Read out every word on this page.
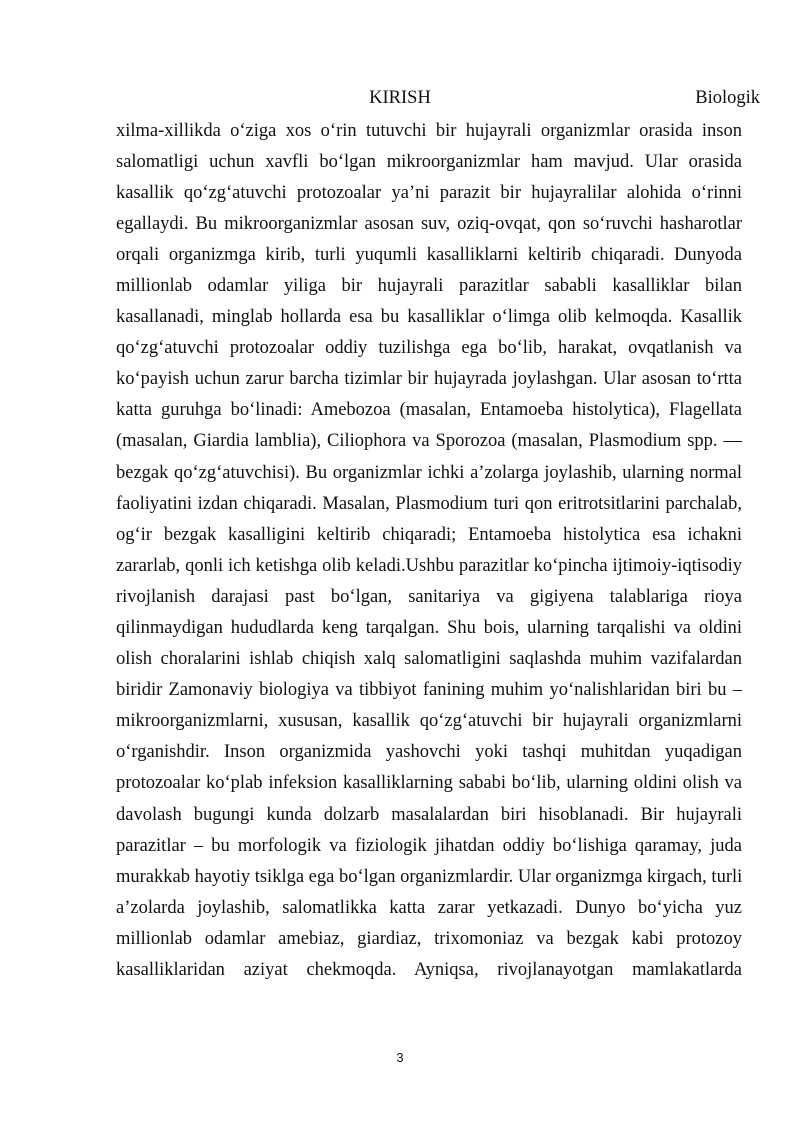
KIRISH	Biologik
xilma-xillikda o‘ziga xos o‘rin tutuvchi bir hujayrali organizmlar orasida inson
salomatligi uchun xavfli bo‘lgan mikroorganizmlar ham mavjud. Ular orasida
kasallik qo‘zg‘atuvchi protozoalar ya’ni parazit bir hujayralilar alohida o‘rinni
egallaydi. Bu mikroorganizmlar asosan suv, oziq-ovqat, qon so‘ruvchi hasharotlar
orqali organizmga kirib, turli yuqumli kasalliklarni keltirib chiqaradi. Dunyoda
millionlab odamlar yiliga bir hujayrali parazitlar sababli kasalliklar bilan
kasallanadi, minglab hollarda esa bu kasalliklar o‘limga olib kelmoqda. Kasallik
qo‘zg‘atuvchi protozoalar oddiy tuzilishga ega bo‘lib, harakat, ovqatlanish va
ko‘payish uchun zarur barcha tizimlar bir hujayrada joylashgan. Ular asosan to‘rtta
katta guruhga bo‘linadi: Amebozoa (masalan, Entamoeba histolytica), Flagellata
(masalan, Giardia lamblia), Ciliophora va Sporozoa (masalan, Plasmodium spp. —
bezgak qo‘zg‘atuvchisi). Bu organizmlar ichki a’zolarga joylashib, ularning normal
faoliyatini izdan chiqaradi. Masalan, Plasmodium turi qon eritrotsitlarini parchalab,
og‘ir bezgak kasalligini keltirib chiqaradi; Entamoeba histolytica esa ichakni
zararlab, qonli ich ketishga olib keladi.Ushbu parazitlar ko‘pincha ijtimoiy-iqtisodiy
rivojlanish darajasi past bo‘lgan, sanitariya va gigiyena talablariga rioya
qilinmaydigan hududlarda keng tarqalgan. Shu bois, ularning tarqalishi va oldini
olish choralarini ishlab chiqish xalq salomatligini saqlashda muhim vazifalardan
biridir Zamonaviy biologiya va tibbiyot fanining muhim yo‘nalishlaridan biri bu –
mikroorganizmlarni, xususan, kasallik qo‘zg‘atuvchi bir hujayrali organizmlarni
o‘rganishdir. Inson organizmida yashovchi yoki tashqi muhitdan yuqadigan
protozoalar ko‘plab infeksion kasalliklarning sababi bo‘lib, ularning oldini olish va
davolash bugungi kunda dolzarb masalalardan biri hisoblanadi. Bir hujayrali
parazitlar – bu morfologik va fiziologik jihatdan oddiy bo‘lishiga qaramay, juda
murakkab hayotiy tsiklga ega bo‘lgan organizmlardir. Ular organizmga kirgach, turli
a’zolarda joylashib, salomatlikka katta zarar yetkazadi. Dunyo bo‘yicha yuz
millionlab odamlar amebiaz, giardiaz, trixomoniaz va bezgak kabi protozoy
kasalliklaridan aziyat chekmoqda. Ayniqsa, rivojlanayotgan mamlakatlarda
3
